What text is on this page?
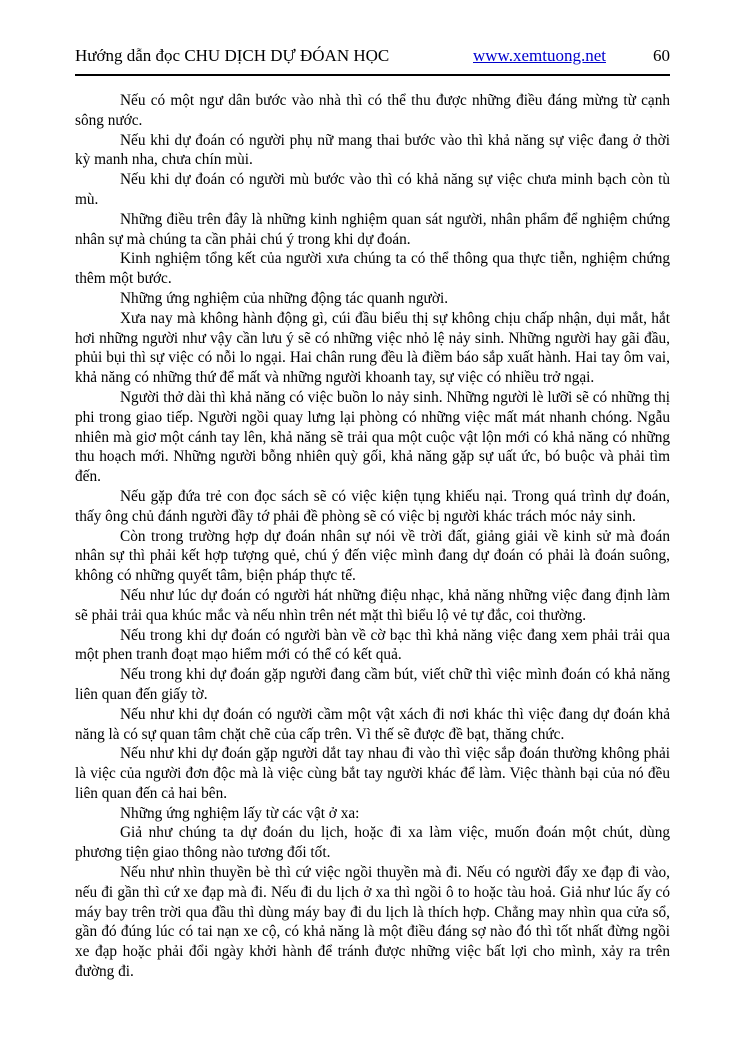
Hướng dẫn đọc CHU DỊCH DỰ ĐÓAN HỌC	www.xemtuong.net	60

Nếu có một ngư dân bước vào nhà thì có thể thu được những điều đáng mừng từ cạnh sông nước.

Nếu khi dự đoán có người phụ nữ mang thai bước vào thì khả năng sự việc đang ở thời kỳ manh nha, chưa chín mùi.

Nếu khi dự đoán có người mù bước vào thì có khả năng sự việc chưa minh bạch còn tù mù.

Những điều trên đây là những kinh nghiệm quan sát người, nhân phẩm để nghiệm chứng nhân sự mà chúng ta cần phải chú ý trong khi dự đoán.

Kinh nghiệm tổng kết của người xưa chúng ta có thể thông qua thực tiễn, nghiệm chứng thêm một bước.

Những ứng nghiệm của những động tác quanh người.

Xưa nay mà không hành động gì, cúi đầu biểu thị sự không chịu chấp nhận, dụi mắt, hắt hơi những người như vậy cần lưu ý sẽ có những việc nhỏ lệ nảy sinh. Những người hay gãi đầu, phủi bụi thì sự việc có nỗi lo ngại. Hai chân rung đều là điềm báo sắp xuất hành. Hai tay ôm vai, khả năng có những thứ để mất và những người khoanh tay, sự việc có nhiều trở ngại.

Người thở dài thì khả năng có việc buồn lo nảy sinh. Những người lè lưỡi sẽ có những thị phi trong giao tiếp. Người ngồi quay lưng lại phòng có những việc mất mát nhanh chóng. Ngẫu nhiên mà giơ một cánh tay lên, khả năng sẽ trải qua một cuộc vật lộn mới có khả năng có những thu hoạch mới. Những người bỗng nhiên quỳ gối, khả năng gặp sự uất ức, bó buộc và phải tìm đến.

Nếu gặp đứa trẻ con đọc sách sẽ có việc kiện tụng khiếu nại. Trong quá trình dự đoán, thấy ông chủ đánh người đầy tớ phải đề phòng sẽ có việc bị người khác trách móc nảy sinh.

Còn trong trường hợp dự đoán nhân sự nói về trời đất, giảng giải về kinh sử mà đoán nhân sự thì phải kết hợp tượng quẻ, chú ý đến việc mình đang dự đoán có phải là đoán suông, không có những quyết tâm, biện pháp thực tế.

Nếu như lúc dự đoán có người hát những điệu nhạc, khả năng những việc đang định làm sẽ phải trải qua khúc mắc và nếu nhìn trên nét mặt thì biểu lộ vẻ tự đắc, coi thường.

Nếu trong khi dự đoán có người bàn về cờ bạc thì khả năng việc đang xem phải trải qua một phen tranh đoạt mạo hiểm mới có thể có kết quả.

Nếu trong khi dự đoán gặp người đang cầm bút, viết chữ thì việc mình đoán có khả năng liên quan đến giấy tờ.

Nếu như khi dự đoán có người cầm một vật xách đi nơi khác thì việc đang dự đoán khả năng là có sự quan tâm chặt chẽ của cấp trên. Vì thế sẽ được đề bạt, thăng chức.

Nếu như khi dự đoán gặp người dắt tay nhau đi vào thì việc sắp đoán thường không phải là việc của người đơn độc mà là việc cùng bắt tay người khác để làm. Việc thành bại của nó đều liên quan đến cả hai bên.

Những ứng nghiệm lấy từ các vật ở xa:

Giả như chúng ta dự đoán du lịch, hoặc đi xa làm việc, muốn đoán một chút, dùng phương tiện giao thông nào tương đối tốt.

Nếu như nhìn thuyền bè thì cứ việc ngồi thuyền mà đi. Nếu có người đẩy xe đạp đi vào, nếu đi gần thì cứ xe đạp mà đi. Nếu đi du lịch ở xa thì ngồi ô to hoặc tàu hoả. Giả như lúc ấy có máy bay trên trời qua đầu thì dùng máy bay đi du lịch là thích hợp. Chẳng may nhìn qua cửa sổ, gần đó đúng lúc có tai nạn xe cộ, có khả năng là một điều đáng sợ nào đó thì tốt nhất đừng ngồi xe đạp hoặc phải đổi ngày khởi hành để tránh được những việc bất lợi cho mình, xảy ra trên đường đi.
